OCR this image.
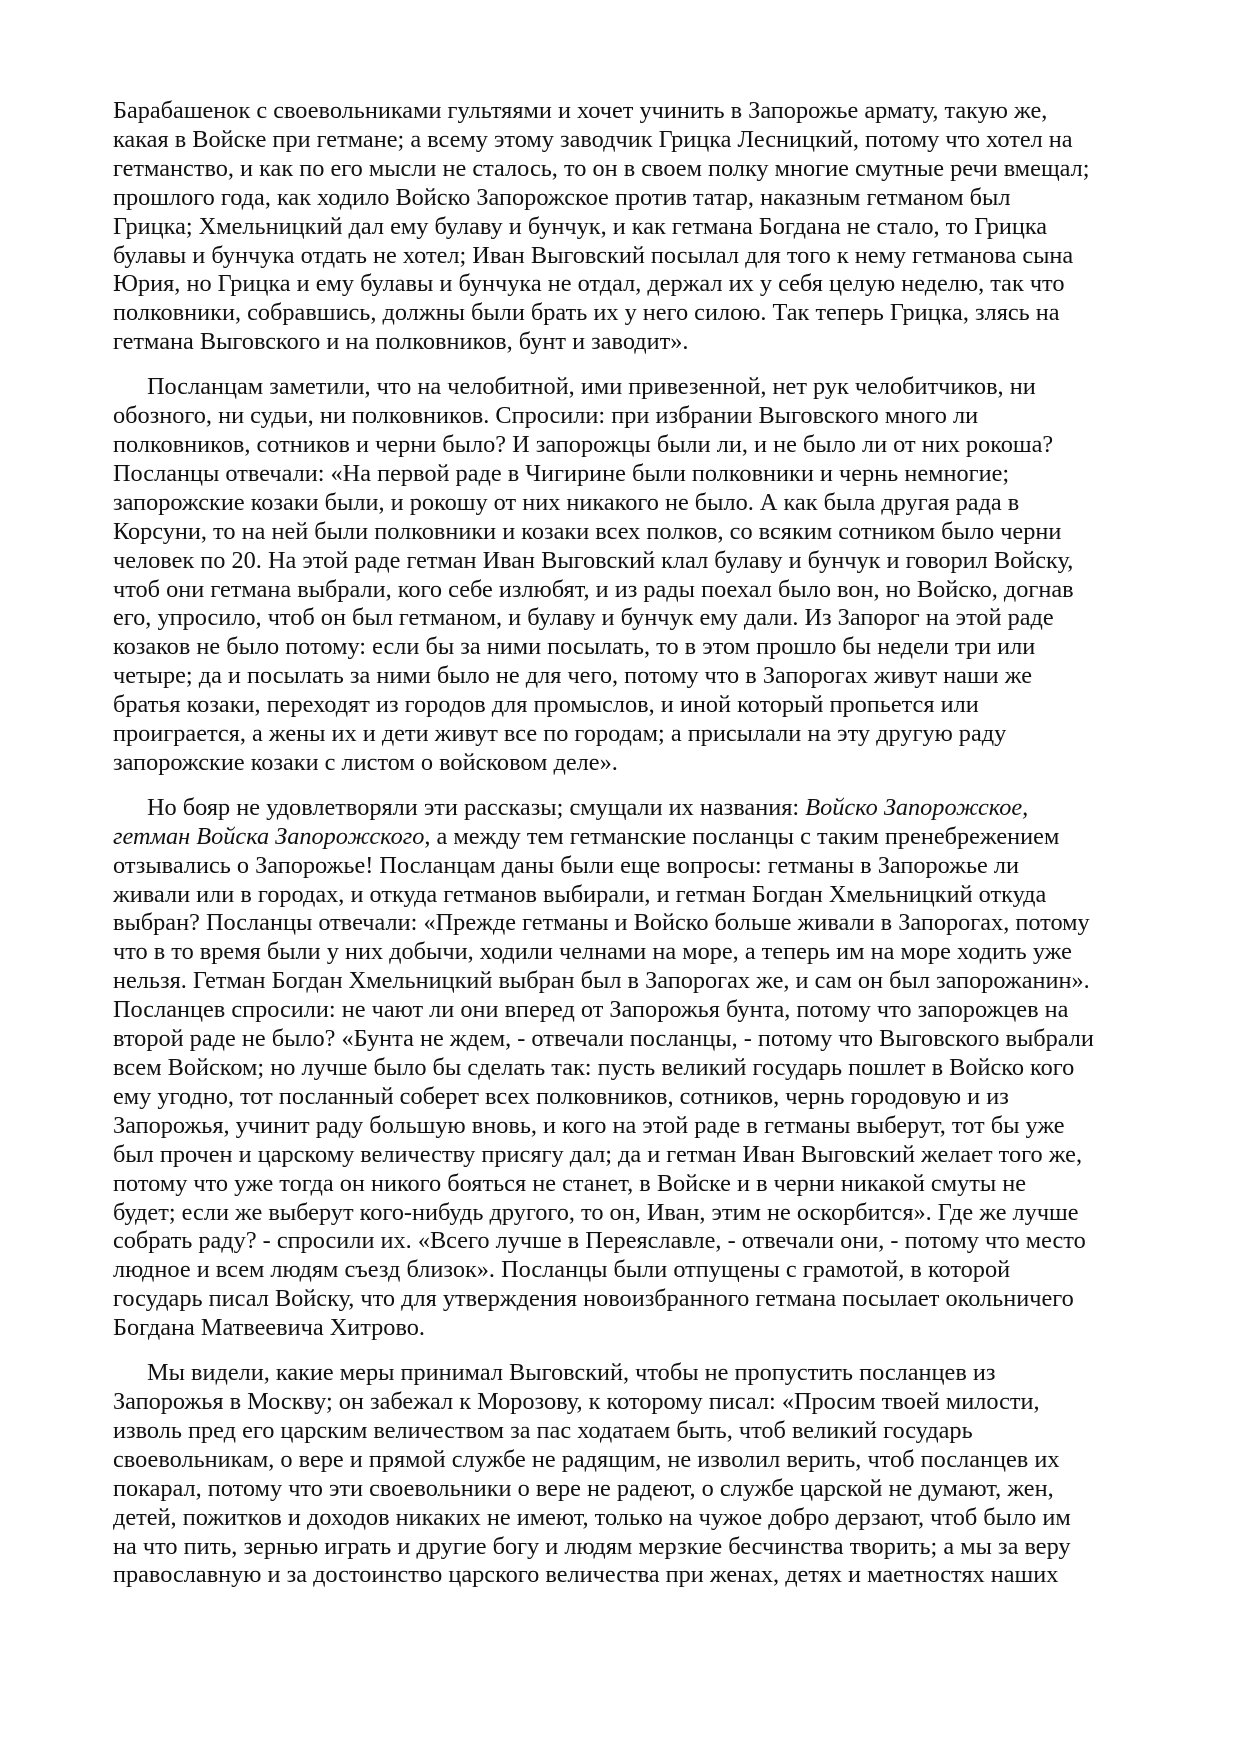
Барабашенок с своевольниками гультяями и хочет учинить в Запорожье армату, такую же,
какая в Войске при гетмане; а всему этому заводчик Грицка Лесницкий, потому что хотел на
гетманство, и как по его мысли не сталось, то он в своем полку многие смутные речи вмещал;
прошлого года, как ходило Войско Запорожское против татар, наказным гетманом был
Грицка; Хмельницкий дал ему булаву и бунчук, и как гетмана Богдана не стало, то Грицка
булавы и бунчука отдать не хотел; Иван Выговский посылал для того к нему гетманова сына
Юрия, но Грицка и ему булавы и бунчука не отдал, держал их у себя целую неделю, так что
полковники, собравшись, должны были брать их у него силою. Так теперь Грицка, злясь на
гетмана Выговского и на полковников, бунт и заводит».
Посланцам заметили, что на челобитной, ими привезенной, нет рук челобитчиков, ни
обозного, ни судьи, ни полковников. Спросили: при избрании Выговского много ли
полковников, сотников и черни было? И запорожцы были ли, и не было ли от них рокоша?
Посланцы отвечали: «На первой раде в Чигирине были полковники и чернь немногие;
запорожские козаки были, и рокошу от них никакого не было. А как была другая рада в
Корсуни, то на ней были полковники и козаки всех полков, со всяким сотником было черни
человек по 20. На этой раде гетман Иван Выговский клал булаву и бунчук и говорил Войску,
чтоб они гетмана выбрали, кого себе излюбят, и из рады поехал было вон, но Войско, догнав
его, упросило, чтоб он был гетманом, и булаву и бунчук ему дали. Из Запорог на этой раде
козаков не было потому: если бы за ними посылать, то в этом прошло бы недели три или
четыре; да и посылать за ними было не для чего, потому что в Запорогах живут наши же
братья козаки, переходят из городов для промыслов, и иной который пропьется или
проиграется, а жены их и дети живут все по городам; а присылали на эту другую раду
запорожские козаки с листом о войсковом деле».
Но бояр не удовлетворяли эти рассказы; смущали их названия: Войско Запорожское,
гетман Войска Запорожского, а между тем гетманские посланцы с таким пренебрежением
отзывались о Запорожье! Посланцам даны были еще вопросы: гетманы в Запорожье ли
живали или в городах, и откуда гетманов выбирали, и гетман Богдан Хмельницкий откуда
выбран? Посланцы отвечали: «Прежде гетманы и Войско больше живали в Запорогах, потому
что в то время были у них добычи, ходили челнами на море, а теперь им на море ходить уже
нельзя. Гетман Богдан Хмельницкий выбран был в Запорогах же, и сам он был запорожанин».
Посланцев спросили: не чают ли они вперед от Запорожья бунта, потому что запорожцев на
второй раде не было? «Бунта не ждем, - отвечали посланцы, - потому что Выговского выбрали
всем Войском; но лучше было бы сделать так: пусть великий государь пошлет в Войско кого
ему угодно, тот посланный соберет всех полковников, сотников, чернь городовую и из
Запорожья, учинит раду большую вновь, и кого на этой раде в гетманы выберут, тот бы уже
был прочен и царскому величеству присягу дал; да и гетман Иван Выговский желает того же,
потому что уже тогда он никого бояться не станет, в Войске и в черни никакой смуты не
будет; если же выберут кого-нибудь другого, то он, Иван, этим не оскорбится». Где же лучше
собрать раду? - спросили их. «Всего лучше в Переяславле, - отвечали они, - потому что место
людное и всем людям съезд близок». Посланцы были отпущены с грамотой, в которой
государь писал Войску, что для утверждения новоизбранного гетмана посылает окольничего
Богдана Матвеевича Хитрово.
Мы видели, какие меры принимал Выговский, чтобы не пропустить посланцев из
Запорожья в Москву; он забежал к Морозову, к которому писал: «Просим твоей милости,
изволь пред его царским величеством за пас ходатаем быть, чтоб великий государь
своевольникам, о вере и прямой службе не радящим, не изволил верить, чтоб посланцев их
покарал, потому что эти своевольники о вере не радеют, о службе царской не думают, жен,
детей, пожитков и доходов никаких не имеют, только на чужое добро дерзают, чтоб было им
на что пить, зернью играть и другие богу и людям мерзкие бесчинства творить; а мы за веру
православную и за достоинство царского величества при женах, детях и маетностях наших
